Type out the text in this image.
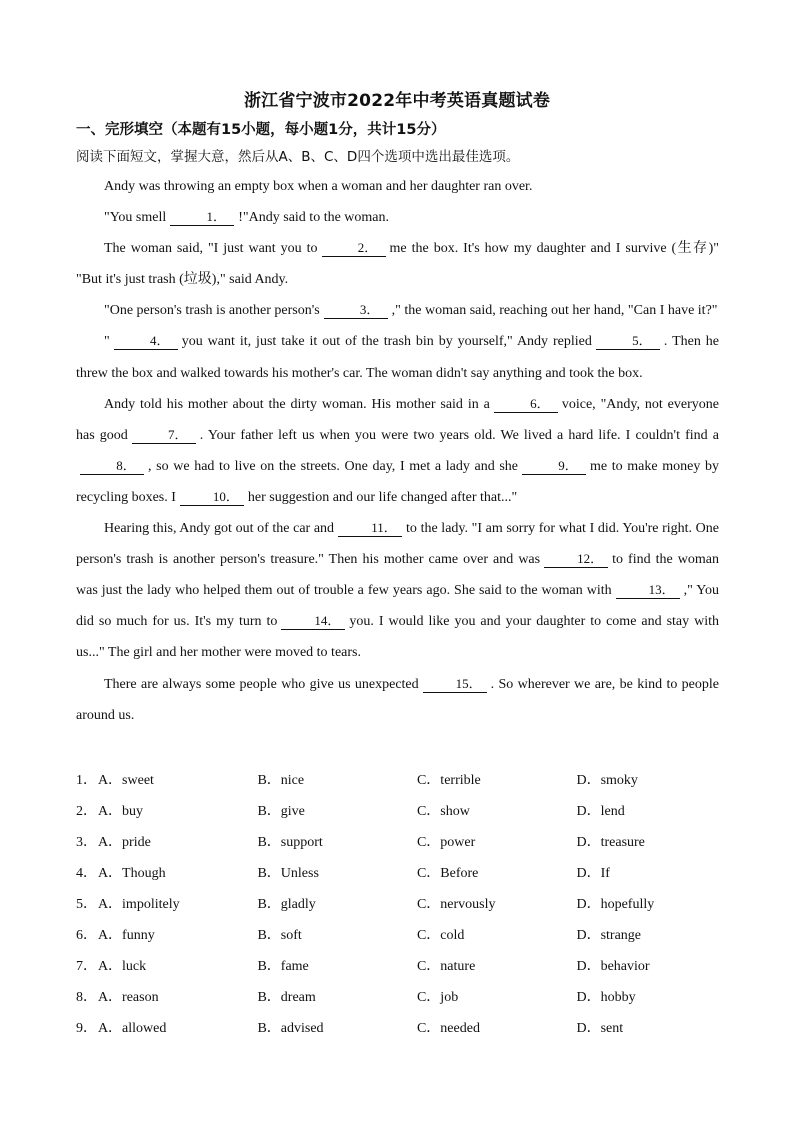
浙江省宁波市2022年中考英语真题试卷
一、完形填空（本题有15小题，每小题1分，共计15分）
阅读下面短文，掌握大意，然后从A、B、C、D四个选项中选出最佳选项。

Andy was throwing an empty box when a woman and her daughter ran over.

"You smell	1． !"Andy said to the woman.

The woman said, "I just want you to	2． me the box. It's how my daughter and I survive (生存)" "But it's just trash (垃圾)," said Andy.

"One person's trash is another person's	3． ," the woman said, reaching out her hand, "Can I have it?"

"	4． you want it, just take it out of the trash bin by yourself," Andy replied	5． . Then he threw the box and walked towards his mother's car. The woman didn't say anything and took the box.

Andy told his mother about the dirty woman. His mother said in a	6． voice, "Andy, not everyone has good	7． . Your father left us when you were two years old. We lived a hard life. I couldn't find a8． , so we had to live on the streets. One day, I met a lady and she	9． me to make money by recycling boxes. I	10． her suggestion and our life changed after that..."

Hearing this, Andy got out of the car and	11． to the lady. "I am sorry for what I did. You're right. One person's trash is another person's treasure." Then his mother came over and was	12． to find the woman was just the lady who helped them out of trouble a few years ago. She said to the woman with	13． ," You did so much for us. It's my turn to	14． you. I would like you and your daughter to come and stay with us..." The girl and her mother were moved to tears.

There are always some people who give us unexpected	15． . So wherever we are, be kind to people around us.

1． A．sweet	B．nice	C．terrible	D．smoky
2． A．buy	B．give	C．show	D．lend
3． A．pride	B．support	C．power	D．treasure
4． A．Though	B．Unless	C．Before	D．If
5． A．impolitely	B．gladly	C．nervously	D．hopefully
6． A．funny	B．soft	C．cold	D．strange
7． A．luck	B．fame	C．nature	D．behavior
8． A．reason	B．dream	C．job	D．hobby
9． A．allowed	B．advised	C．needed	D．sent
